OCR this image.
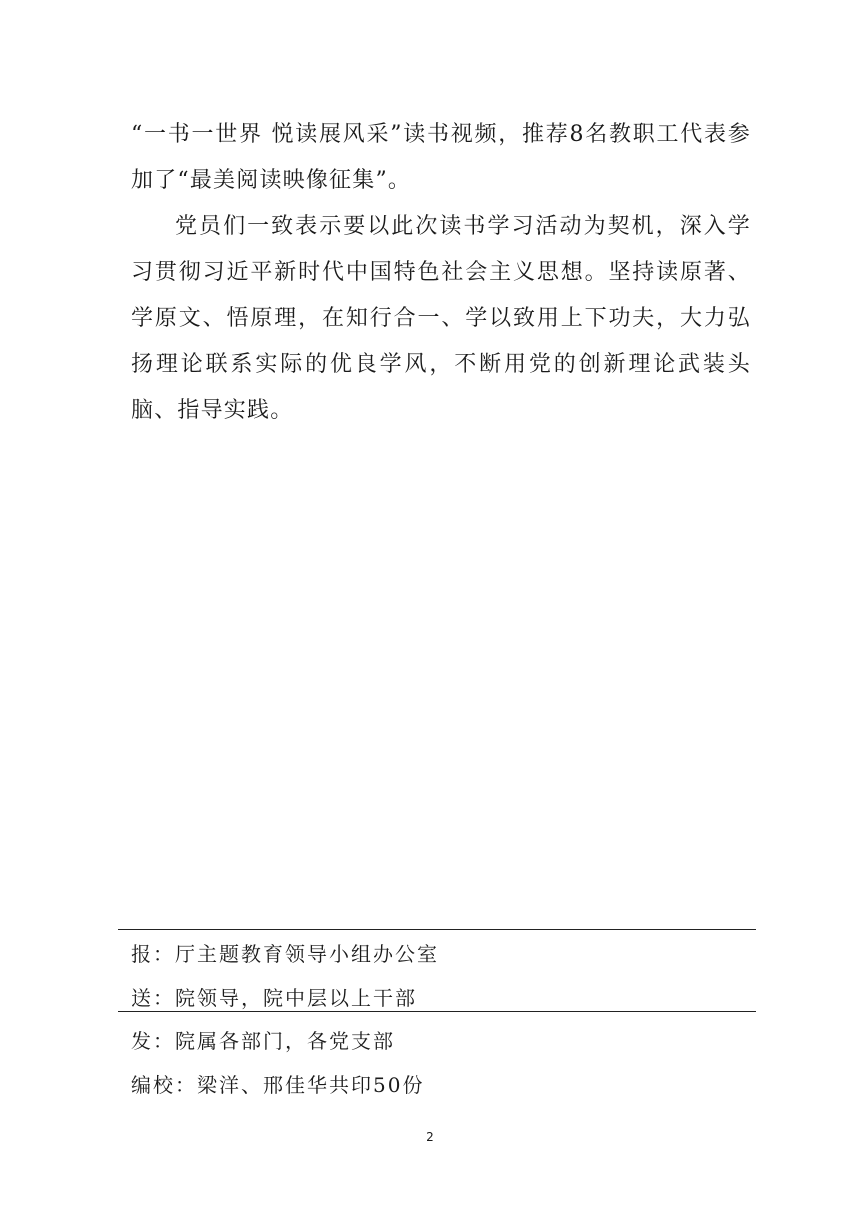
“一书一世界 悦读展风采”读书视频，推荐8名教职工代表参加了“最美阅读映像征集”。

党员们一致表示要以此次读书学习活动为契机，深入学习贯彻习近平新时代中国特色社会主义思想。坚持读原著、学原文、悟原理，在知行合一、学以致用上下功夫，大力弘扬理论联系实际的优良学风，不断用党的创新理论武装头脑、指导实践。

报：厅主题教育领导小组办公室
送：院领导，院中层以上干部
发：院属各部门，各党支部
编校：梁洋、邢佳华共印50份
2
